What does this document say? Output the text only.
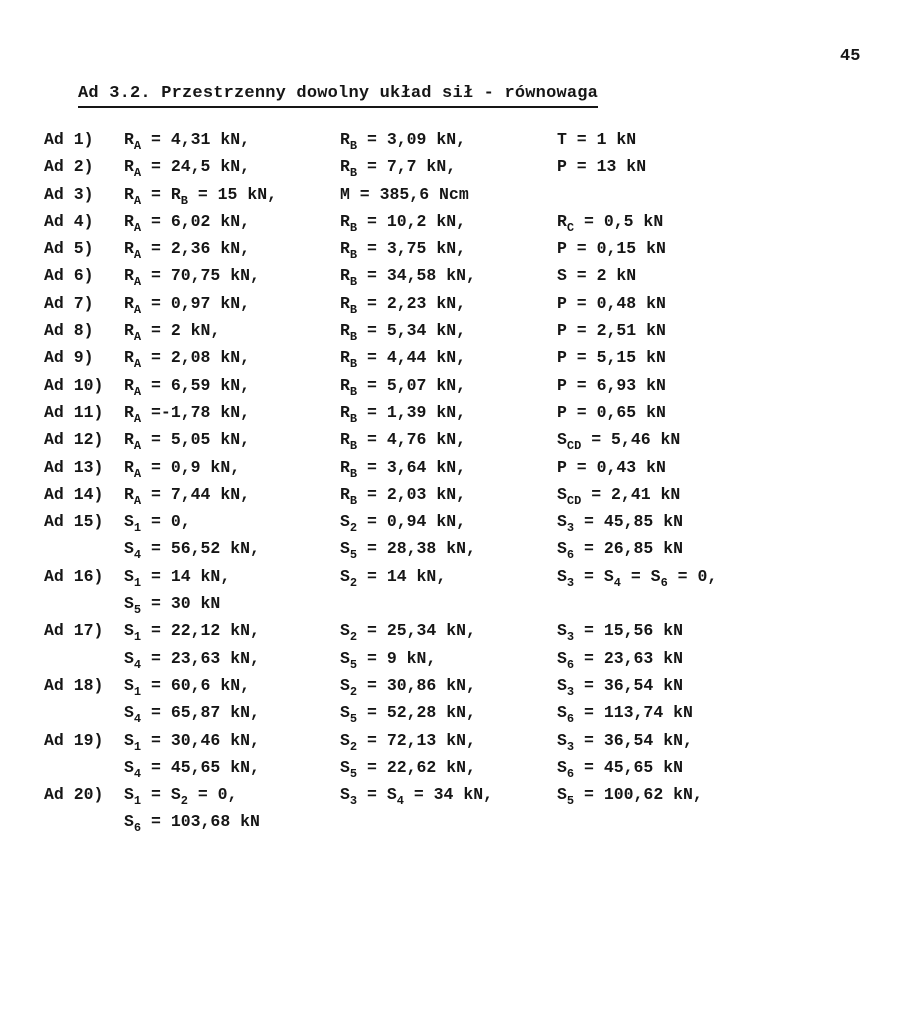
45
Ad 3.2. Przestrzenny dowolny układ sił - równowaga
Ad 1) $R_A = 4,31$ kN,	$R_B = 3,09$ kN,	T = 1 kN
Ad 2) $R_A = 24,5$ kN,	$R_B = 7,7$ kN,	P = 13 kN
Ad 3) $R_A = R_B = 15$ kN,	M = 385,6 Ncm
Ad 4) $R_A = 6,02$ kN,	$R_B = 10,2$ kN,	$R_C = 0,5$ kN
Ad 5) $R_A = 2,36$ kN,	$R_B = 3,75$ kN,	P = 0,15 kN
Ad 6) $R_A = 70,75$ kN,	$R_B = 34,58$ kN,	S = 2 kN
Ad 7) $R_A = 0,97$ kN,	$R_B = 2,23$ kN,	P = 0,48 kN
Ad 8) $R_A = 2$ kN,	$R_B = 5,34$ kN,	P = 2,51 kN
Ad 9) $R_A = 2,08$ kN,	$R_B = 4,44$ kN,	P = 5,15 kN
Ad 10) $R_A = 6,59$ kN,	$R_B = 5,07$ kN,	P = 6,93 kN
Ad 11) $R_A =-1,78$ kN,	$R_B = 1,39$ kN,	P = 0,65 kN
Ad 12) $R_A = 5,05$ kN,	$R_B = 4,76$ kN,	$S_{CD} = 5,46$ kN
Ad 13) $R_A = 0,9$ kN,	$R_B = 3,64$ kN,	P = 0,43 kN
Ad 14) $R_A = 7,44$ kN,	$R_B = 2,03$ kN,	$S_{CD} = 2,41$ kN
Ad 15) $S_1 = 0$,	$S_2 = 0,94$ kN,	$S_3 = 45,85$ kN
$S_4 = 56,52$ kN,	$S_5 = 28,38$ kN,	$S_6 = 26,85$ kN
Ad 16) $S_1 = 14$ kN,	$S_2 = 14$ kN,	$S_3 = S_4 = S_6 = 0$,
$S_5 = 30$ kN
Ad 17) $S_1 = 22,12$ kN,	$S_2 = 25,34$ kN,	$S_3 = 15,56$ kN
$S_4 = 23,63$ kN,	$S_5 = 9$ kN,	$S_6 = 23,63$ kN
Ad 18) $S_1 = 60,6$ kN,	$S_2 = 30,86$ kN,	$S_3 = 36,54$ kN
$S_4 = 65,87$ kN,	$S_5 = 52,28$ kN,	$S_6 = 113,74$ kN
Ad 19) $S_1 = 30,46$ kN,	$S_2 = 72,13$ kN,	$S_3 = 36,54$ kN,
$S_4 = 45,65$ kN,	$S_5 = 22,62$ kN,	$S_6 = 45,65$ kN
Ad 20) $S_1 = S_2 = 0$,	$S_3 = S_4 = 34$ kN,	$S_5 = 100,62$ kN,
$S_6 = 103,68$ kN
